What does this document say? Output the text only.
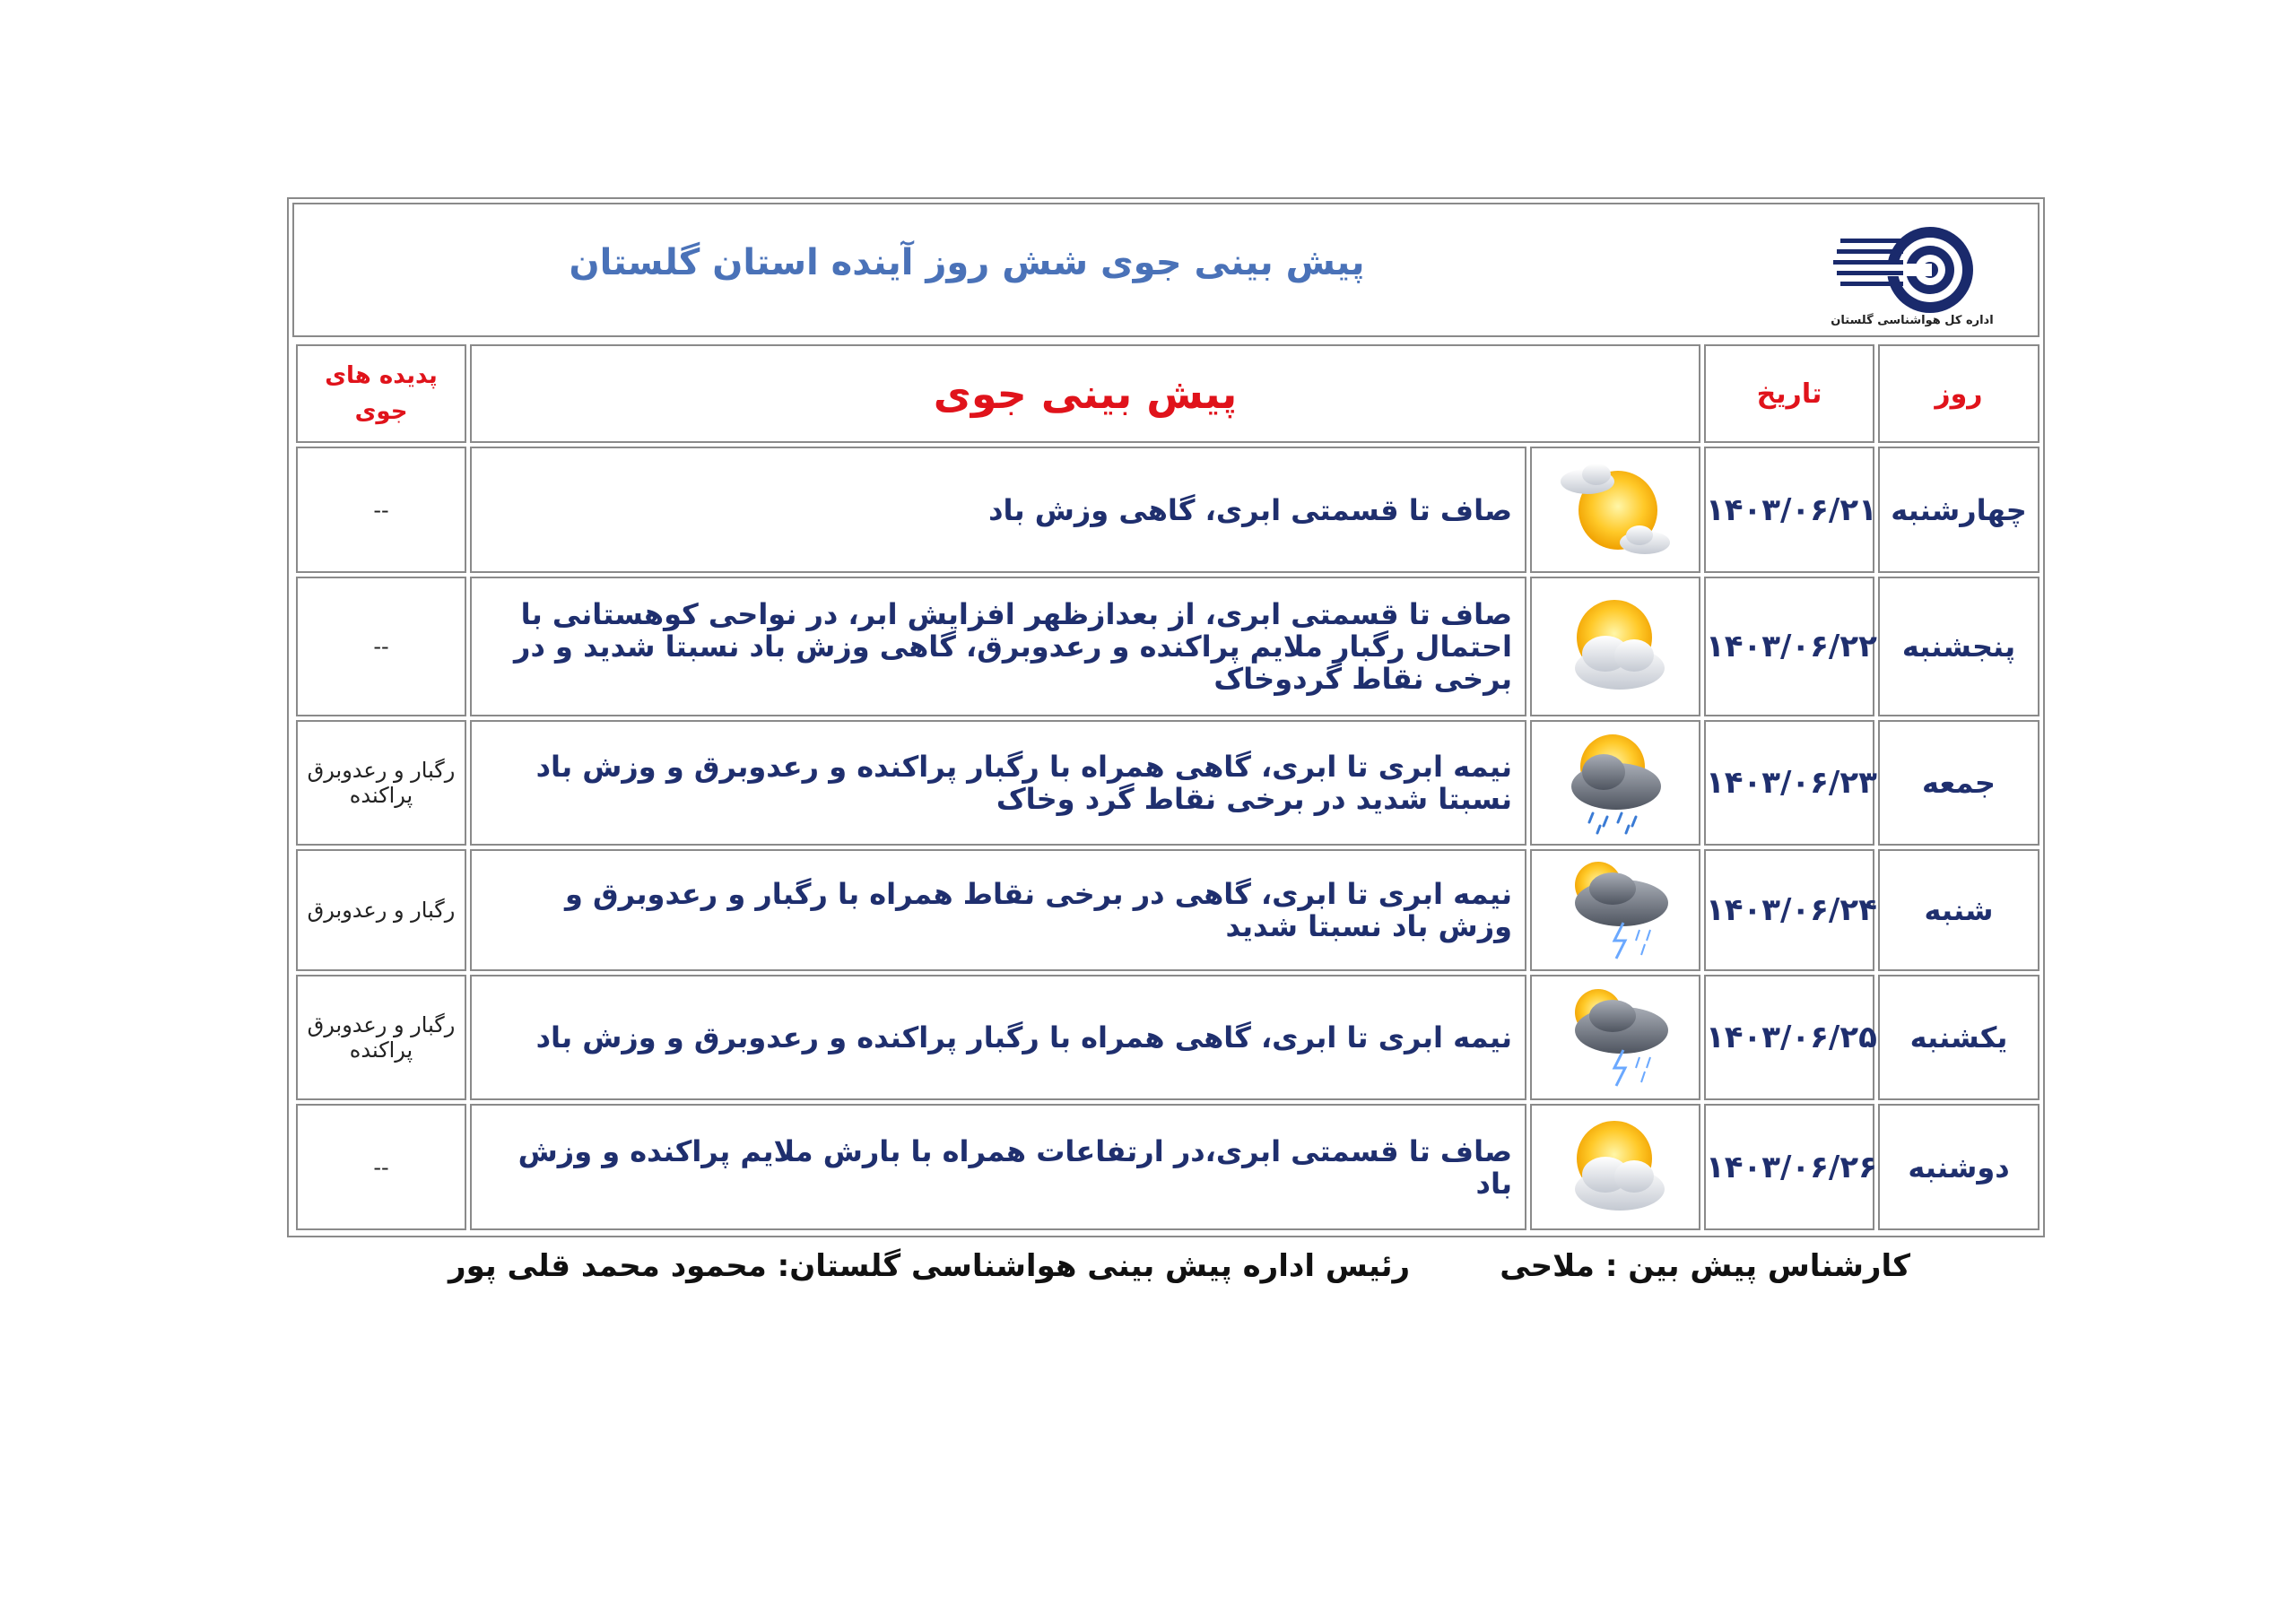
پیش بینی جوی شش روز آینده استان گلستان
اداره کل هواشناسی گلستان
روز	تاریخ	پیش بینی جوی		پدیده های جوی
چهارشنبه	۱۴۰۳/۰۶/۲۱		صاف تا قسمتی ابری، گاهی وزش باد	--
پنجشنبه	۱۴۰۳/۰۶/۲۲		صاف تا قسمتی ابری، از بعدازظهر افزایش ابر، در نواحی کوهستانی با احتمال رگبار ملایم پراکنده و رعدوبرق، گاهی وزش باد نسبتا شدید و در برخی نقاط گردوخاک	--
جمعه	۱۴۰۳/۰۶/۲۳		نیمه ابری تا ابری، گاهی همراه با رگبار پراکنده و رعدوبرق و وزش باد نسبتا شدید در برخی نقاط گرد وخاک	رگبار و رعدوبرق پراکنده
شنبه	۱۴۰۳/۰۶/۲۴		نیمه ابری تا ابری، گاهی در برخی نقاط همراه با رگبار و رعدوبرق و وزش باد نسبتا شدید	رگبار و رعدوبرق
یکشنبه	۱۴۰۳/۰۶/۲۵		نیمه ابری تا ابری، گاهی همراه با رگبار پراکنده و رعدوبرق و وزش باد	رگبار و رعدوبرق پراکنده
دوشنبه	۱۴۰۳/۰۶/۲۶		صاف تا قسمتی ابری،در ارتفاعات همراه با بارش ملایم پراکنده و وزش باد	--
کارشناس پیش بین : ملاحی
رئیس اداره پیش بینی هواشناسی گلستان: محمود محمد قلی پور
